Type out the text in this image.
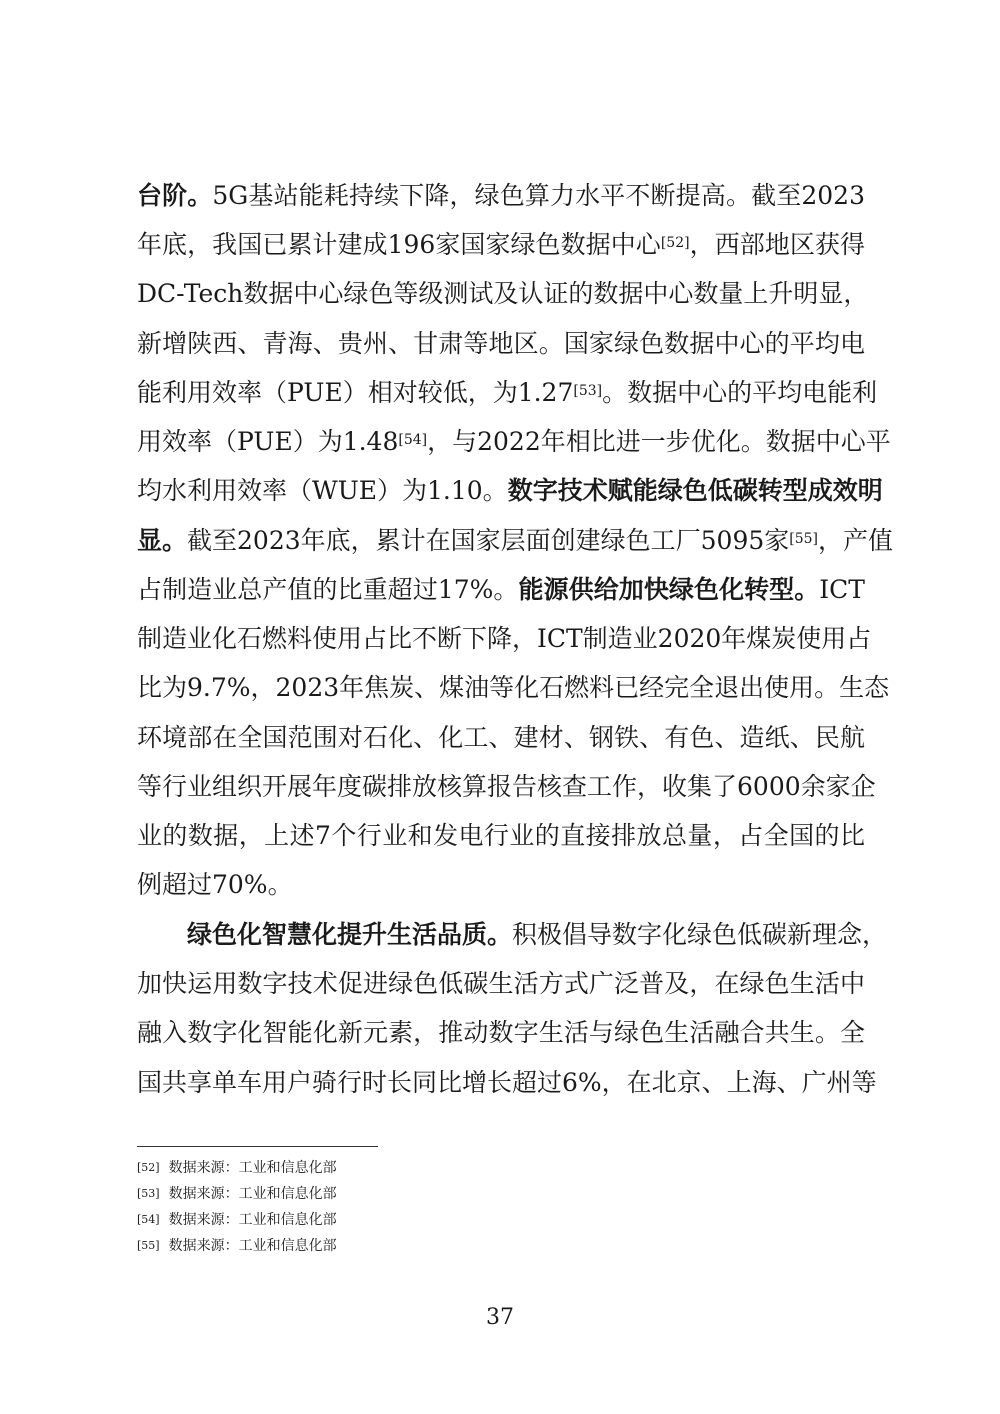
台阶。5G基站能耗持续下降，绿色算力水平不断提高。截至2023
年底，我国已累计建成196家国家绿色数据中心[52]，西部地区获得
DC-Tech数据中心绿色等级测试及认证的数据中心数量上升明显，
新增陕西、青海、贵州、甘肃等地区。国家绿色数据中心的平均电
能利用效率（PUE）相对较低，为1.27[53]。数据中心的平均电能利
用效率（PUE）为1.48[54]，与2022年相比进一步优化。数据中心平
均水利用效率（WUE）为1.10。数字技术赋能绿色低碳转型成效明
显。截至2023年底，累计在国家层面创建绿色工厂5095家[55]，产值
占制造业总产值的比重超过17%。能源供给加快绿色化转型。ICT
制造业化石燃料使用占比不断下降，ICT制造业2020年煤炭使用占
比为9.7%，2023年焦炭、煤油等化石燃料已经完全退出使用。生态
环境部在全国范围对石化、化工、建材、钢铁、有色、造纸、民航
等行业组织开展年度碳排放核算报告核查工作，收集了6000余家企
业的数据，上述7个行业和发电行业的直接排放总量，占全国的比
例超过70%。
绿色化智慧化提升生活品质。积极倡导数字化绿色低碳新理念，
加快运用数字技术促进绿色低碳生活方式广泛普及，在绿色生活中
融入数字化智能化新元素，推动数字生活与绿色生活融合共生。全
国共享单车用户骑行时长同比增长超过6%，在北京、上海、广州等
[52] 数据来源：工业和信息化部
[53] 数据来源：工业和信息化部
[54] 数据来源：工业和信息化部
[55] 数据来源：工业和信息化部
37
